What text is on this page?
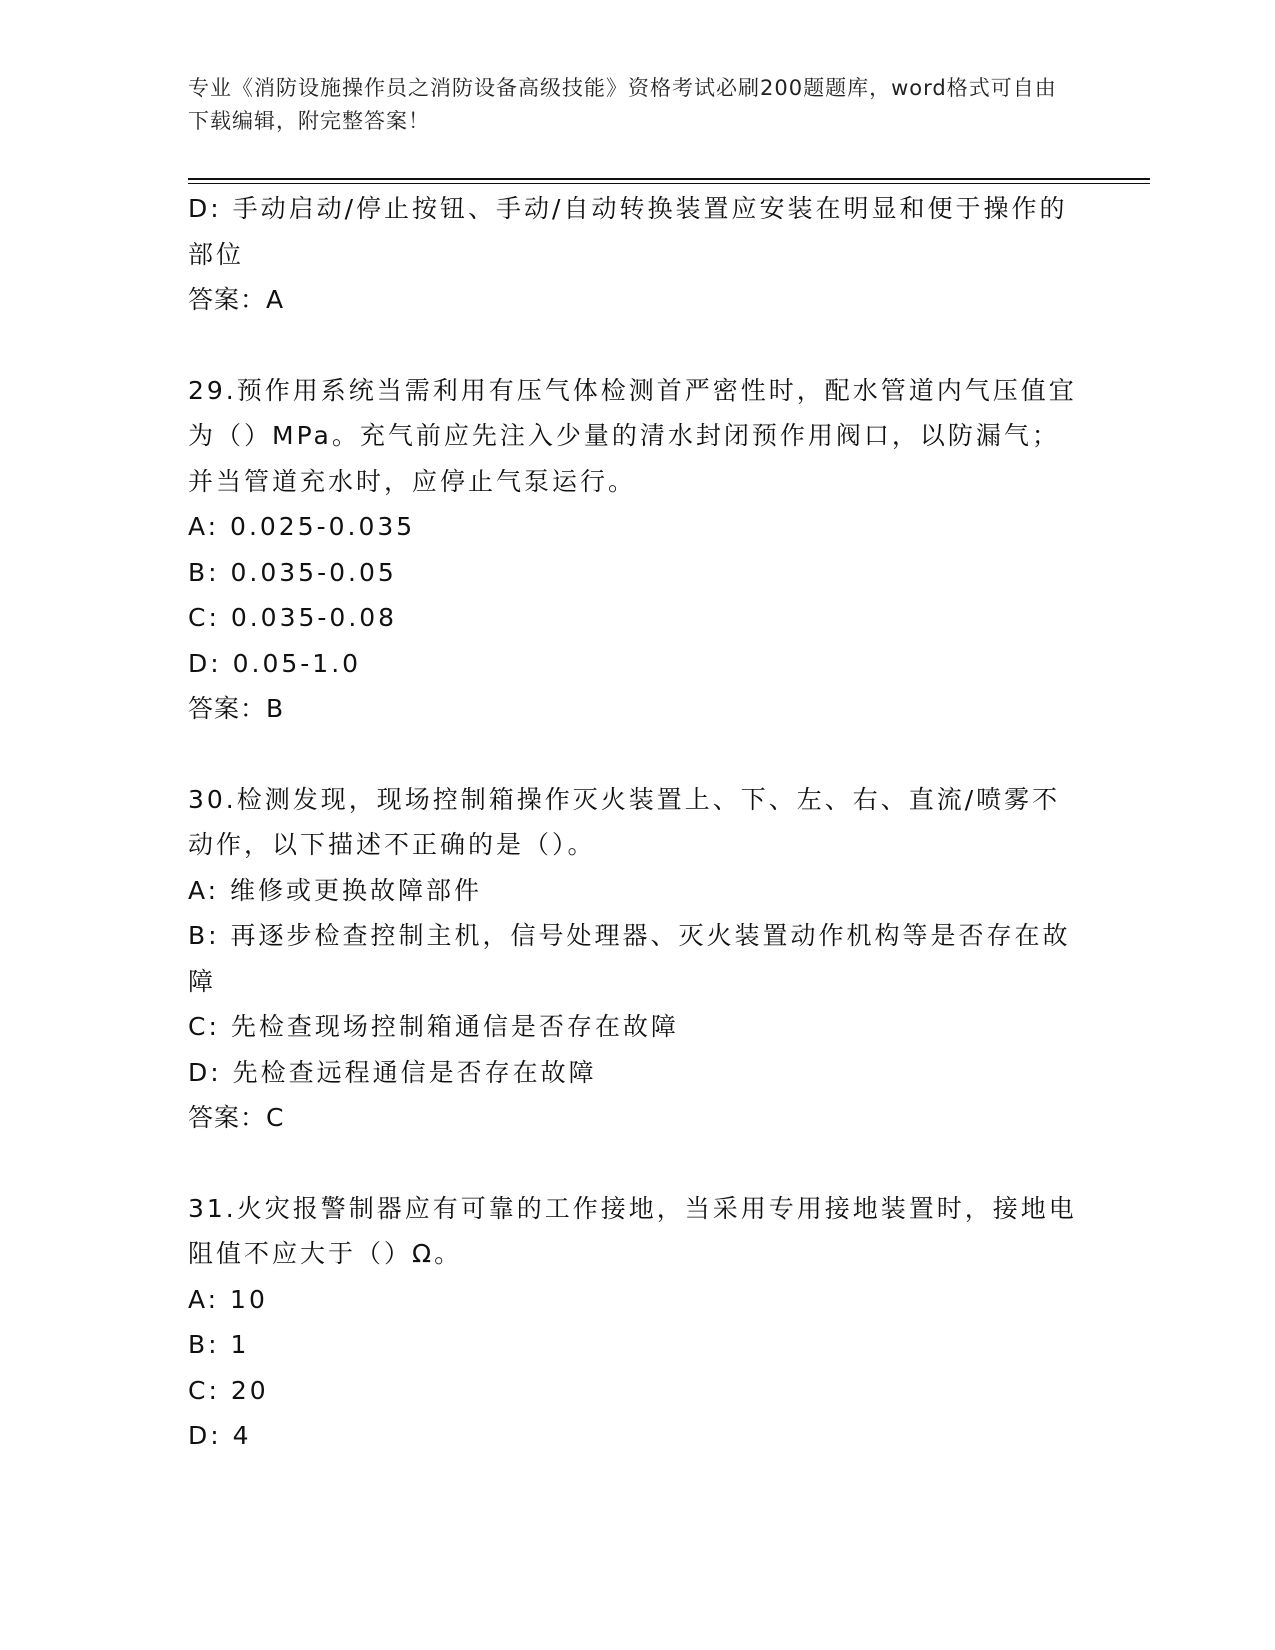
专业《消防设施操作员之消防设备高级技能》资格考试必刷200题题库，word格式可自由下载编辑，附完整答案！

D: 手动启动/停止按钮、手动/自动转换装置应安装在明显和便于操作的部位

答案：A

29.预作用系统当需利用有压气体检测首严密性时，配水管道内气压值宜为（）MPa。充气前应先注入少量的清水封闭预作用阀口，以防漏气；并当管道充水时，应停止气泵运行。

A: 0.025-0.035

B: 0.035-0.05

C: 0.035-0.08

D: 0.05-1.0

答案：B

30.检测发现，现场控制箱操作灭火装置上、下、左、右、直流/喷雾不动作，以下描述不正确的是（）。

A: 维修或更换故障部件

B: 再逐步检查控制主机，信号处理器、灭火装置动作机构等是否存在故障

C: 先检查现场控制箱通信是否存在故障

D: 先检查远程通信是否存在故障

答案：C

31.火灾报警制器应有可靠的工作接地，当采用专用接地装置时，接地电阻值不应大于（）Ω。

A: 10

B: 1

C: 20

D: 4
